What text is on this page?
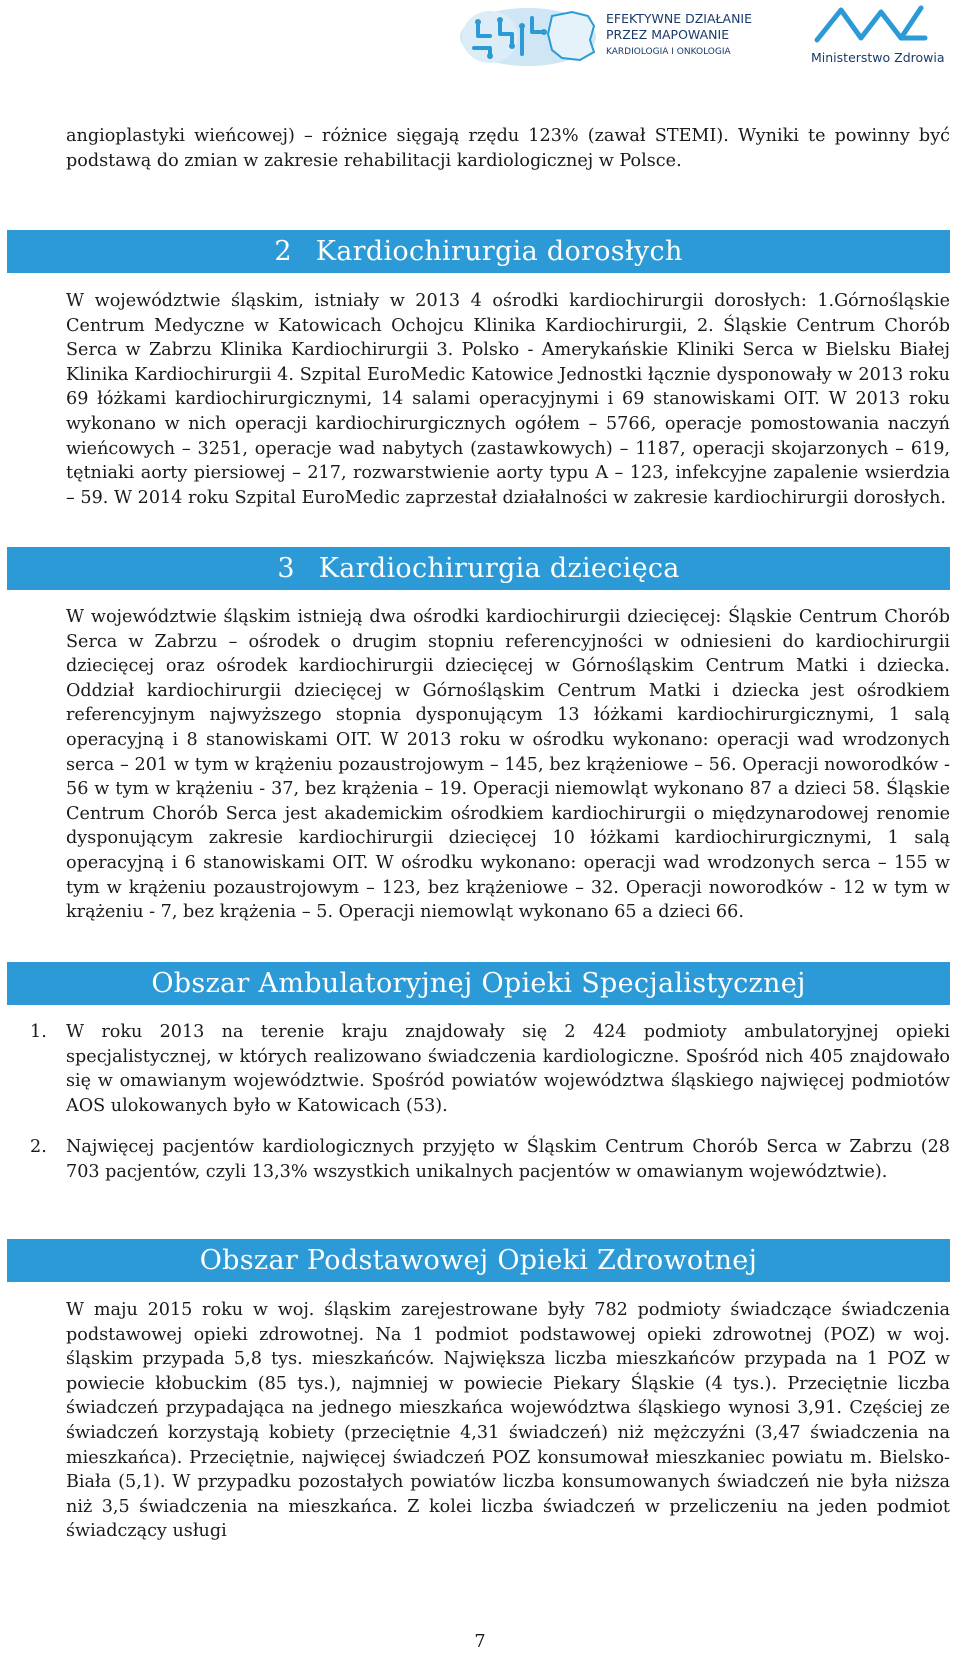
EFEKTYWNE DZIAŁANIE
PRZEZ MAPOWANIE
KARDIOLOGIA I ONKOLOGIA	Ministerstwo Zdrowia

angioplastyki wieńcowej) – różnice sięgają rzędu 123% (zawał STEMI). Wyniki te powinny być podstawą do zmian w zakresie rehabilitacji kardiologicznej w Polsce.

2 Kardiochirurgia dorosłych

W województwie śląskim, istniały w 2013 4 ośrodki kardiochirurgii dorosłych: 1.Górnośląskie Centrum Medyczne w Katowicach Ochojcu Klinika Kardiochirurgii, 2. Śląskie Centrum Chorób Serca w Zabrzu Klinika Kardiochirurgii 3. Polsko - Amerykańskie Kliniki Serca w Bielsku Białej Klinika Kardiochirurgii 4. Szpital EuroMedic Katowice Jednostki łącznie dysponowały w 2013 roku 69 łóżkami kardiochirurgicznymi, 14 salami operacyjnymi i 69 stanowiskami OIT. W 2013 roku wykonano w nich operacji kardiochirurgicznych ogółem – 5766, operacje pomostowania naczyń wieńcowych – 3251, operacje wad nabytych (zastawkowych) – 1187, operacji skojarzonych – 619, tętniaki aorty piersiowej – 217, rozwarstwienie aorty typu A – 123, infekcyjne zapalenie wsierdzia – 59. W 2014 roku Szpital EuroMedic zaprzestał działalności w zakresie kardiochirurgii dorosłych.

3 Kardiochirurgia dziecięca

W województwie śląskim istnieją dwa ośrodki kardiochirurgii dziecięcej: Śląskie Centrum Chorób Serca w Zabrzu – ośrodek o drugim stopniu referencyjności w odniesieni do kardiochirurgii dziecięcej oraz ośrodek kardiochirurgii dziecięcej w Górnośląskim Centrum Matki i dziecka. Oddział kardiochirurgii dziecięcej w Górnośląskim Centrum Matki i dziecka jest ośrodkiem referencyjnym najwyższego stopnia dysponującym 13 łóżkami kardiochirurgicznymi, 1 salą operacyjną i 8 stanowiskami OIT. W 2013 roku w ośrodku wykonano: operacji wad wrodzonych serca – 201 w tym w krążeniu pozaustrojowym – 145, bez krążeniowe – 56. Operacji noworodków - 56 w tym w krążeniu - 37, bez krążenia – 19. Operacji niemowląt wykonano 87 a dzieci 58. Śląskie Centrum Chorób Serca jest akademickim ośrodkiem kardiochirurgii o międzynarodowej renomie dysponującym zakresie kardiochirurgii dziecięcej 10 łóżkami kardiochirurgicznymi, 1 salą operacyjną i 6 stanowiskami OIT. W ośrodku wykonano: operacji wad wrodzonych serca – 155 w tym w krążeniu pozaustrojowym – 123, bez krążeniowe – 32. Operacji noworodków - 12 w tym w krążeniu - 7, bez krążenia – 5. Operacji niemowląt wykonano 65 a dzieci 66.

Obszar Ambulatoryjnej Opieki Specjalistycznej
1. W roku 2013 na terenie kraju znajdowały się 2 424 podmioty ambulatoryjnej opieki specjalistycznej, w których realizowano świadczenia kardiologiczne. Spośród nich 405 znajdowało się w omawianym województwie. Spośród powiatów województwa śląskiego najwięcej podmiotów AOS ulokowanych było w Katowicach (53).
2. Najwięcej pacjentów kardiologicznych przyjęto w Śląskim Centrum Chorób Serca w Zabrzu (28 703 pacjentów, czyli 13,3% wszystkich unikalnych pacjentów w omawianym województwie).
Obszar Podstawowej Opieki Zdrowotnej

W maju 2015 roku w woj. śląskim zarejestrowane były 782 podmioty świadczące świadczenia podstawowej opieki zdrowotnej. Na 1 podmiot podstawowej opieki zdrowotnej (POZ) w woj. śląskim przypada 5,8 tys. mieszkańców. Największa liczba mieszkańców przypada na 1 POZ w powiecie kłobuckim (85 tys.), najmniej w powiecie Piekary Śląskie (4 tys.). Przeciętnie liczba świadczeń przypadająca na jednego mieszkańca województwa śląskiego wynosi 3,91. Częściej ze świadczeń korzystają kobiety (przeciętnie 4,31 świadczeń) niż mężczyźni (3,47 świadczenia na mieszkańca). Przeciętnie, najwięcej świadczeń POZ konsumował mieszkaniec powiatu m. Bielsko-Biała (5,1). W przypadku pozostałych powiatów liczba konsumowanych świadczeń nie była niższa niż 3,5 świadczenia na mieszkańca. Z kolei liczba świadczeń w przeliczeniu na jeden podmiot świadczący usługi

7
